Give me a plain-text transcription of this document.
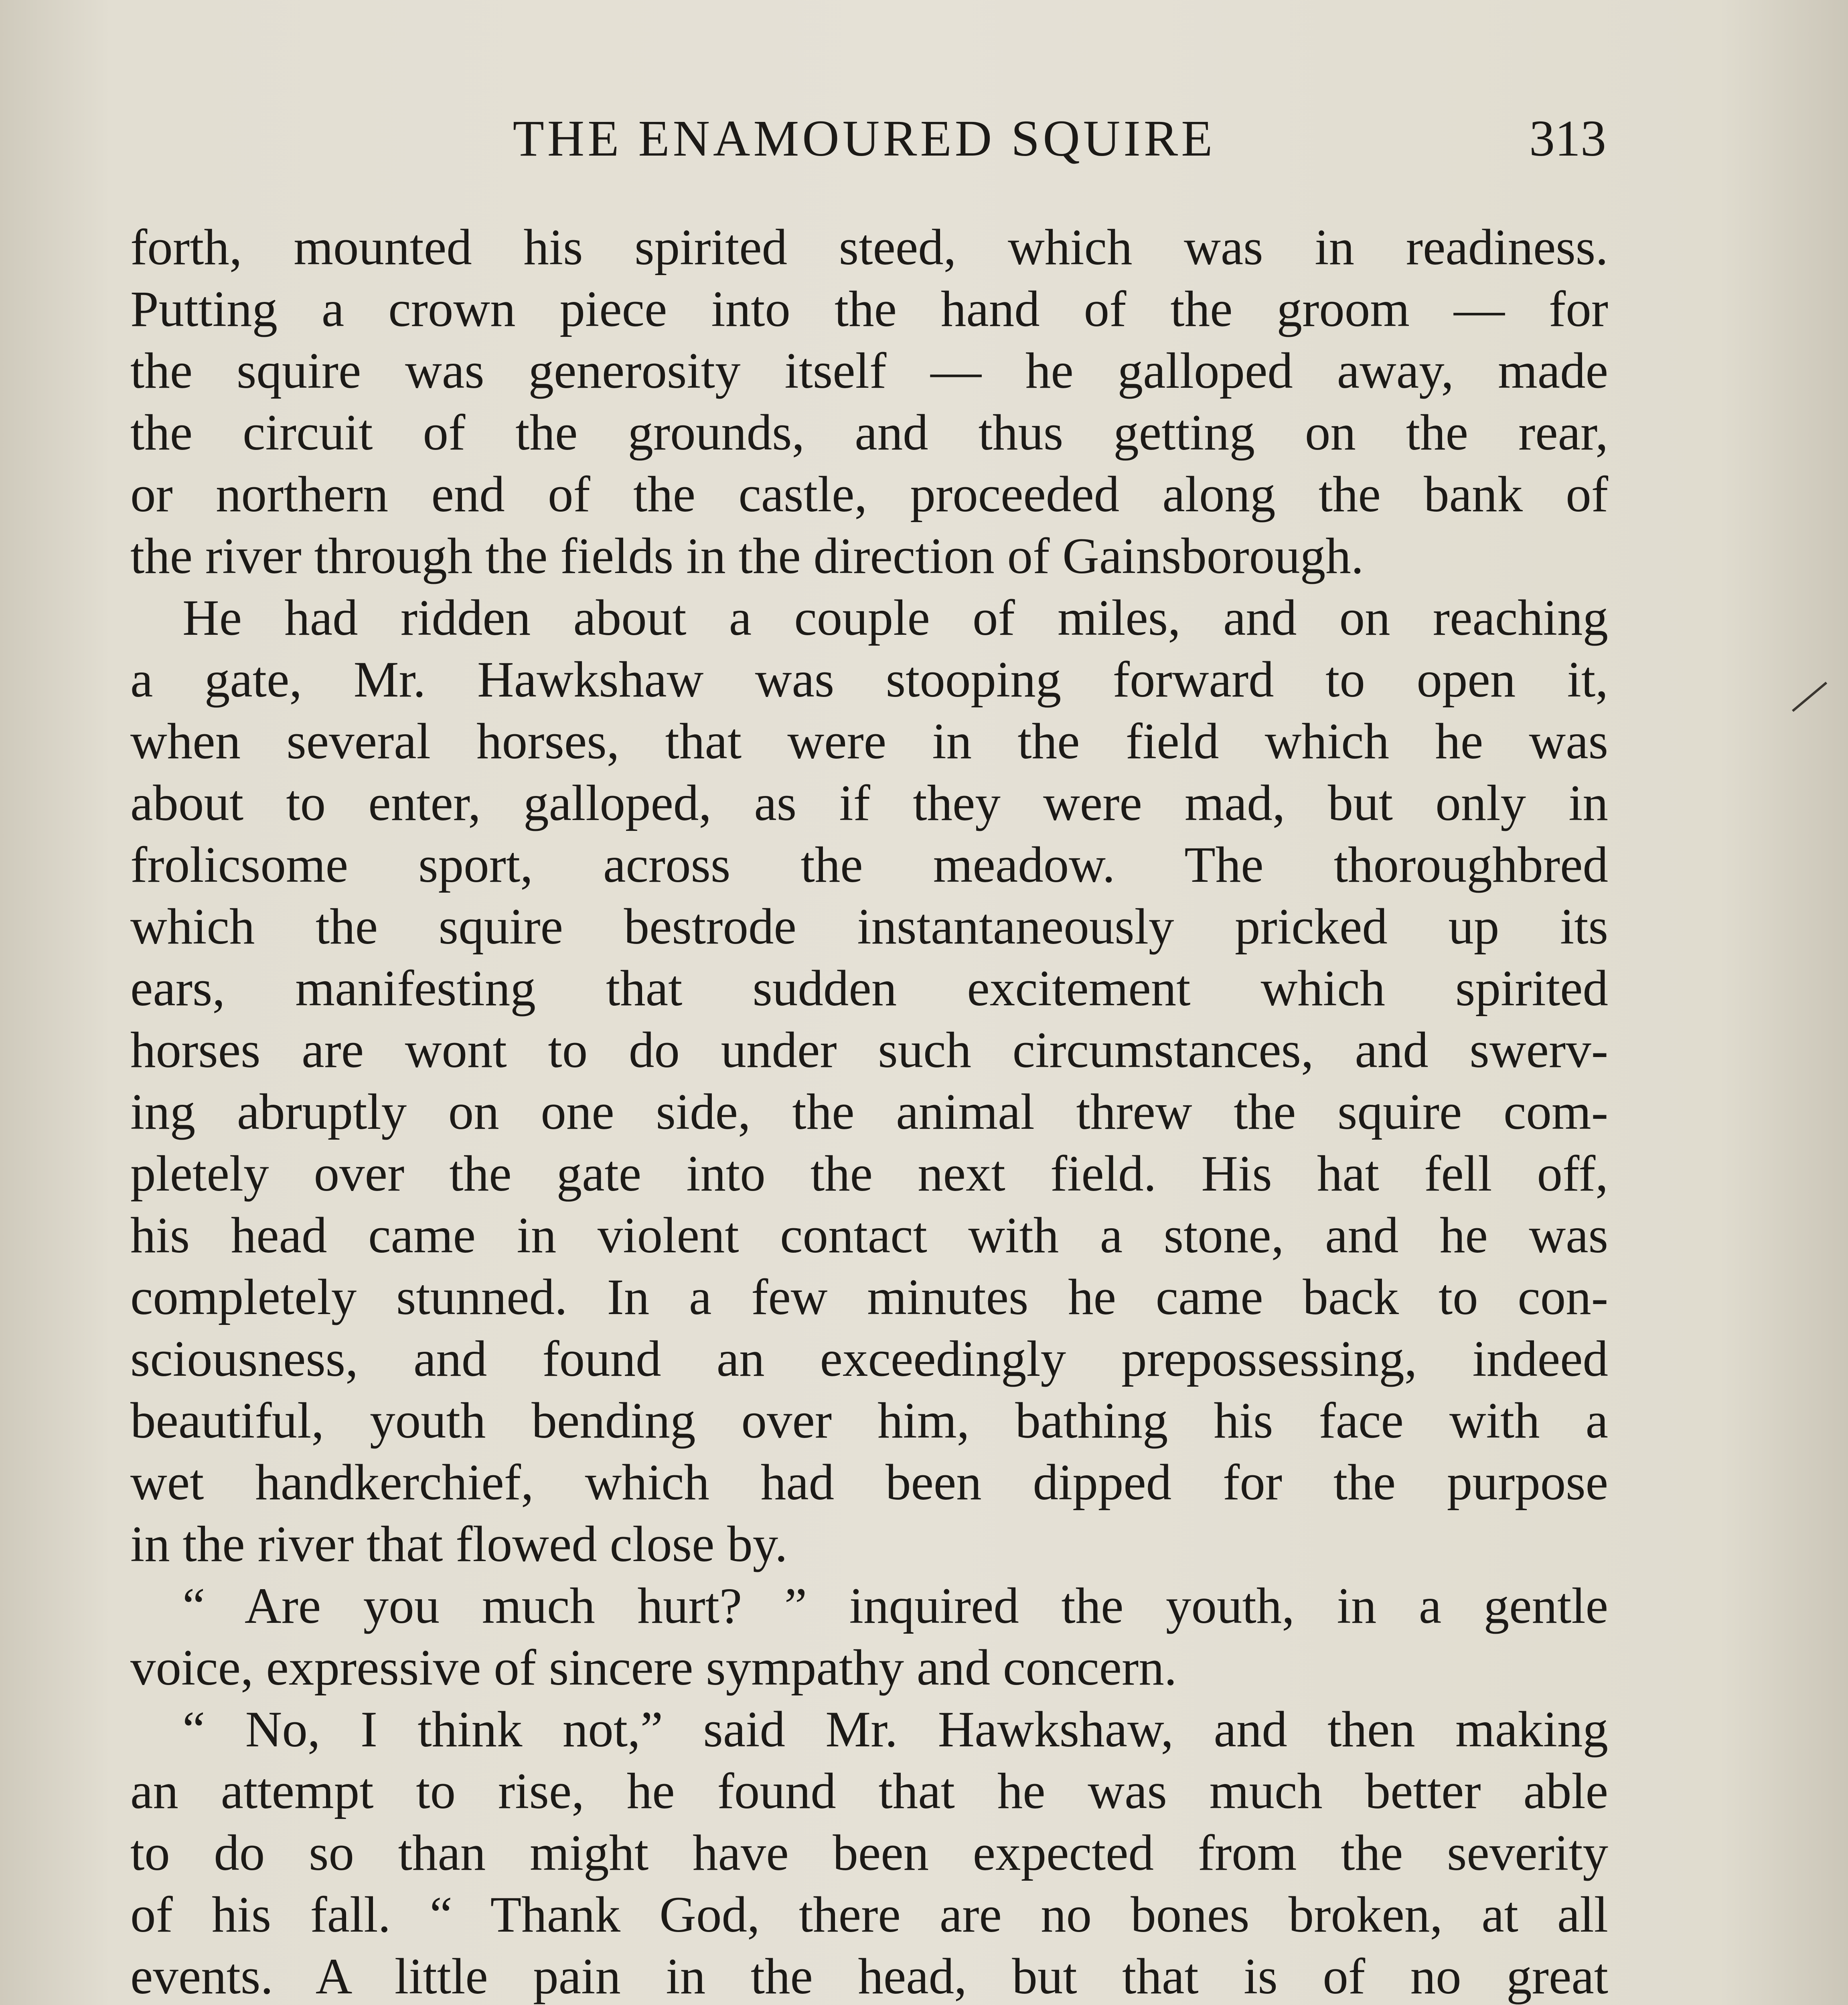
THE ENAMOURED SQUIRE	313

forth, mounted his spirited steed, which was in readiness.

Putting a crown piece into the hand of the groom — for

the squire was generosity itself — he galloped away, made

the circuit of the grounds, and thus getting on the rear,

or northern end of the castle, proceeded along the bank of

the river through the fields in the direction of Gainsborough.

He had ridden about a couple of miles, and on reaching

a gate, Mr. Hawkshaw was stooping forward to open it,

when several horses, that were in the field which he was

about to enter, galloped, as if they were mad, but only in

frolicsome sport, across the meadow. The thoroughbred

which the squire bestrode instantaneously pricked up its

ears, manifesting that sudden excitement which spirited

horses are wont to do under such circumstances, and swerv-

ing abruptly on one side, the animal threw the squire com-

pletely over the gate into the next field. His hat fell off,

his head came in violent contact with a stone, and he was

completely stunned. In a few minutes he came back to con-

sciousness, and found an exceedingly prepossessing, indeed

beautiful, youth bending over him, bathing his face with a

wet handkerchief, which had been dipped for the purpose

in the river that flowed close by.

“ Are you much hurt? ” inquired the youth, in a gentle

voice, expressive of sincere sympathy and concern.

“ No, I think not,” said Mr. Hawkshaw, and then making

an attempt to rise, he found that he was much better able

to do so than might have been expected from the severity

of his fall. “ Thank God, there are no bones broken, at all

events. A little pain in the head, but that is of no great
